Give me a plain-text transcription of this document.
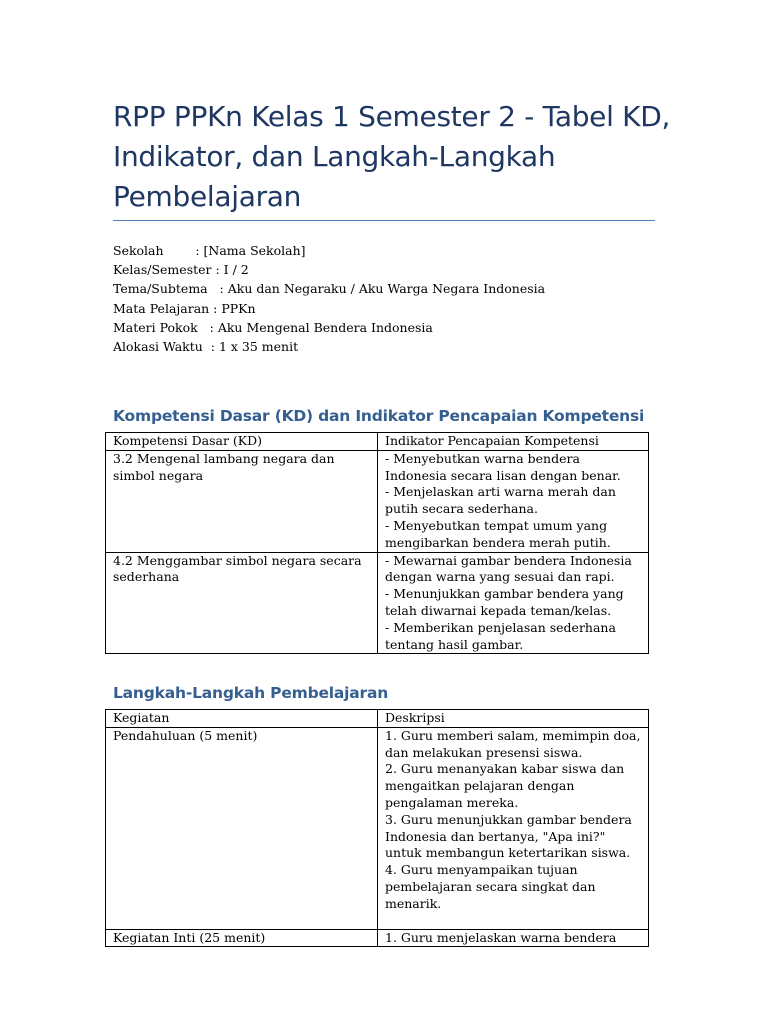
RPP PPKn Kelas 1 Semester 2 - Tabel KD, Indikator, dan Langkah-Langkah Pembelajaran
Sekolah        : [Nama Sekolah]
Kelas/Semester : I / 2
Tema/Subtema   : Aku dan Negaraku / Aku Warga Negara Indonesia
Mata Pelajaran : PPKn
Materi Pokok   : Aku Mengenal Bendera Indonesia
Alokasi Waktu  : 1 x 35 menit
Kompetensi Dasar (KD) dan Indikator Pencapaian Kompetensi
Kompetensi Dasar (KD)	Indikator Pencapaian Kompetensi
3.2 Mengenal lambang negara dan simbol negara	- Menyebutkan warna bendera Indonesia secara lisan dengan benar.
- Menjelaskan arti warna merah dan putih secara sederhana.
- Menyebutkan tempat umum yang mengibarkan bendera merah putih.

4.2 Menggambar simbol negara secara sederhana	- Mewarnai gambar bendera Indonesia dengan warna yang sesuai dan rapi.
- Menunjukkan gambar bendera yang telah diwarnai kepada teman/kelas.
- Memberikan penjelasan sederhana tentang hasil gambar.
Langkah-Langkah Pembelajaran
Kegiatan	Deskripsi
Pendahuluan (5 menit)	1. Guru memberi salam, memimpin doa, dan melakukan presensi siswa.
2. Guru menanyakan kabar siswa dan mengaitkan pelajaran dengan pengalaman mereka.
3. Guru menunjukkan gambar bendera Indonesia dan bertanya, "Apa ini?" untuk membangun ketertarikan siswa.
4. Guru menyampaikan tujuan pembelajaran secara singkat dan menarik.

Kegiatan Inti (25 menit)	1. Guru menjelaskan warna bendera
